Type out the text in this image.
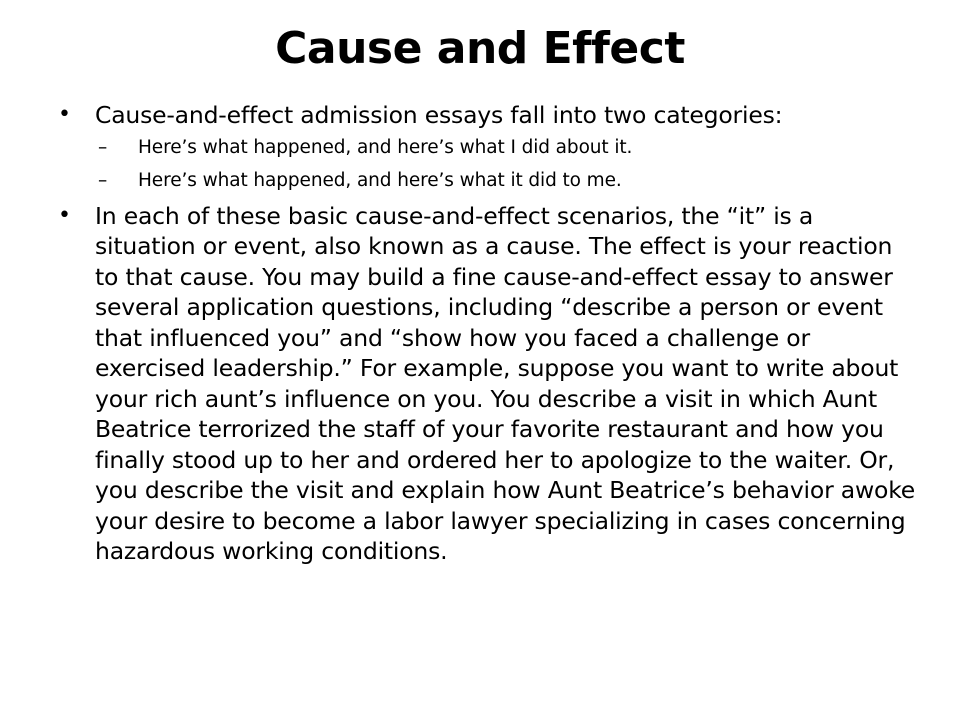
Cause and Effect
•	Cause-and-effect admission essays fall into two categories:
– Here’s what happened, and here’s what I did about it.
– Here’s what happened, and here’s what it did to me.
•	In each of these basic cause-and-effect scenarios, the “it” is a situation or event, also known as a cause. The effect is your reaction to that cause. You may build a fine cause-and-effect essay to answer several application questions, including “describe a person or event that influenced you” and “show how you faced a challenge or exercised leadership.” For example, suppose you want to write about your rich aunt’s influence on you. You describe a visit in which Aunt Beatrice terrorized the staff of your favorite restaurant and how you finally stood up to her and ordered her to apologize to the waiter. Or, you describe the visit and explain how Aunt Beatrice’s behavior awoke your desire to become a labor lawyer specializing in cases concerning hazardous working conditions.
